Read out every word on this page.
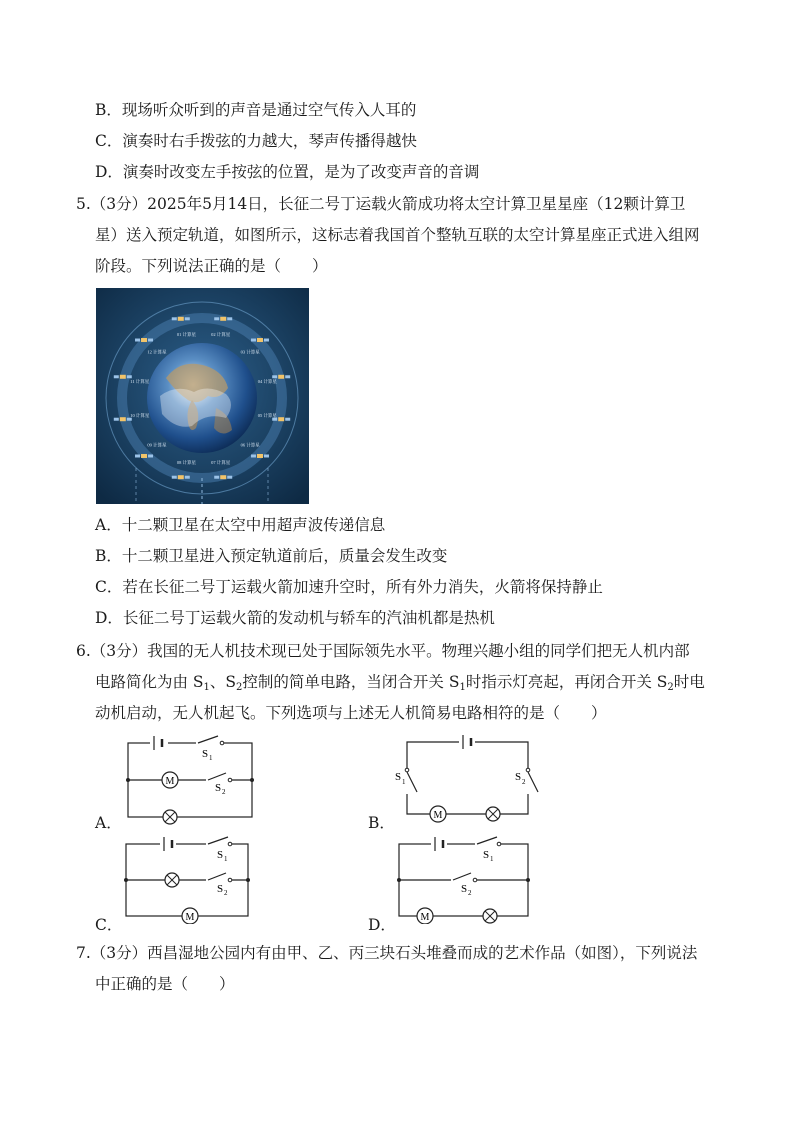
B．现场听众听到的声音是通过空气传入人耳的
C．演奏时右手拨弦的力越大，琴声传播得越快
D．演奏时改变左手按弦的位置，是为了改变声音的音调
5.（3分）2025年5月14日，长征二号丁运载火箭成功将太空计算卫星星座（12颗计算卫
星）送入预定轨道，如图所示，这标志着我国首个整轨互联的太空计算星座正式进入组网
阶段。下列说法正确的是（　　）
01 计算星	02 计算星
03 计算星
04 计算星
05 计算星
06 计算星
07 计算星
08 计算星
09 计算星
10 计算星
11 计算星
12 计算星
A．十二颗卫星在太空中用超声波传递信息
B．十二颗卫星进入预定轨道前后，质量会发生改变
C．若在长征二号丁运载火箭加速升空时，所有外力消失，火箭将保持静止
D．长征二号丁运载火箭的发动机与轿车的汽油机都是热机
6.（3分）我国的无人机技术现已处于国际领先水平。物理兴趣小组的同学们把无人机内部
电路简化为由 $S_1$、$S_2$控制的简单电路，当闭合开关 $S_1$时指示灯亮起，再闭合开关 $S_2$时电
动机启动，无人机起飞。下列选项与上述无人机简易电路相符的是（　　）
S 1
M
S 2
A．
S 1	S 2
M
B．
S 1
S 2
M
C．
S 1
S 2
M
D．
7.（3分）西昌湿地公园内有由甲、乙、丙三块石头堆叠而成的艺术作品（如图），下列说法
中正确的是（　　）
